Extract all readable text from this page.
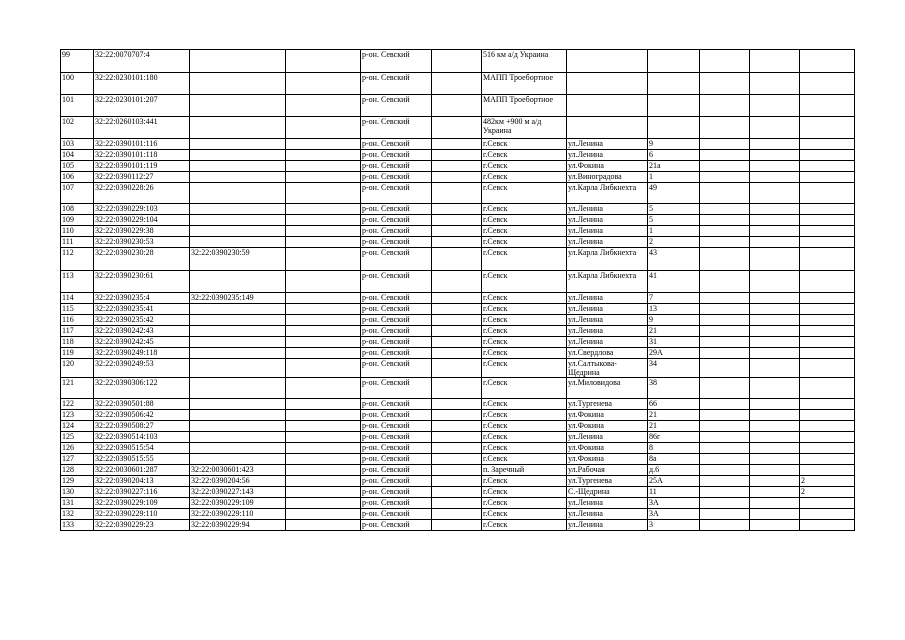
99	32:22:0070707:4			р-он. Севский		516 км а/д Украина					
100	32:22:0230101:180			р-он. Севский		МАПП Троебортное					
101	32:22:0230101:207			р-он. Севский		МАПП Троебортное					
102	32:22:0260103:441			р-он. Севский		482км +900 м а/д Украина					
103	32:22:0390101:116			р-он. Севский		г.Севск	ул.Ленина	9			
104	32:22:0390101:118			р-он. Севский		г.Севск	ул.Ленина	6			
105	32:22:0390101:119			р-он. Севский		г.Севск	ул.Фокина	21а			
106	32:22:0390112:27			р-он. Севский		г.Севск	ул.Виноградова	1			
107	32:22:0390228:26			р-он. Севский		г.Севск	ул.Карла Либкнехта	49			
108	32:22:0390229:103			р-он. Севский		г.Севск	ул.Ленина	5			
109	32:22:0390229:104			р-он. Севский		г.Севск	ул.Ленина	5			
110	32:22:0390229:38			р-он. Севский		г.Севск	ул.Ленина	1			
111	32:22:0390230:53			р-он. Севский		г.Севск	ул.Ленина	2			
112	32:22:0390230:28	32:22:0390230:59		р-он. Севский		г.Севск	ул.Карла Либкнехта	43			
113	32:22:0390230:61			р-он. Севский		г.Севск	ул.Карла Либкнехта	41			
114	32:22:0390235:4	32:22:0390235:149		р-он. Севский		г.Севск	ул.Ленина	7			
115	32:22:0390235:41			р-он. Севский		г.Севск	ул.Ленина	13			
116	32:22:0390235:42			р-он. Севский		г.Севск	ул.Ленина	9			
117	32:22:0390242:43			р-он. Севский		г.Севск	ул.Ленина	21			
118	32:22:0390242:45			р-он. Севский		г.Севск	ул.Ленина	31			
119	32:22:0390249:118			р-он. Севский		г.Севск	ул.Свердлова	29А			
120	32:22:0390249:53			р-он. Севский		г.Севск	ул.Салтыкова-Щедрина	34			
121	32:22:0390306:122			р-он. Севский		г.Севск	ул.Миловидова	38			
122	32:22:0390501:88			р-он. Севский		г.Севск	ул.Тургенева	66			
123	32:22:0390506:42			р-он. Севский		г.Севск	ул.Фокина	21			
124	32:22:0390508:27			р-он. Севский		г.Севск	ул.Фокина	21			
125	32:22:0390514:103			р-он. Севский		г.Севск	ул.Ленина	86г			
126	32:22:0390515:54			р-он. Севский		г.Севск	ул.Фокина	8			
127	32:22:0390515:55			р-он. Севский		г.Севск	ул.Фокина	8а			
128	32:22:0030601:287	32:22:0030601:423		р-он. Севский		п. Заречный	ул.Рабочая	д.6			
129	32:22:0390204:13	32:22:0390204:56		р-он. Севский		г.Севск	ул.Тургенева	25А			2
130	32:22:0390227:116	32:22:0390227:143		р-он. Севский		г.Севск	С.-Щедрина	11			2
131	32:22:0390229:109	32:22:0390229:109		р-он. Севский		г.Севск	ул.Ленина	3А			
132	32:22:0390229:110	32:22:0390229:110		р-он. Севский		г.Севск	ул.Ленина	3А			
133	32:22:0390229:23	32:22:0390229:94		р-он. Севский		г.Севск	ул.Ленина	3			
